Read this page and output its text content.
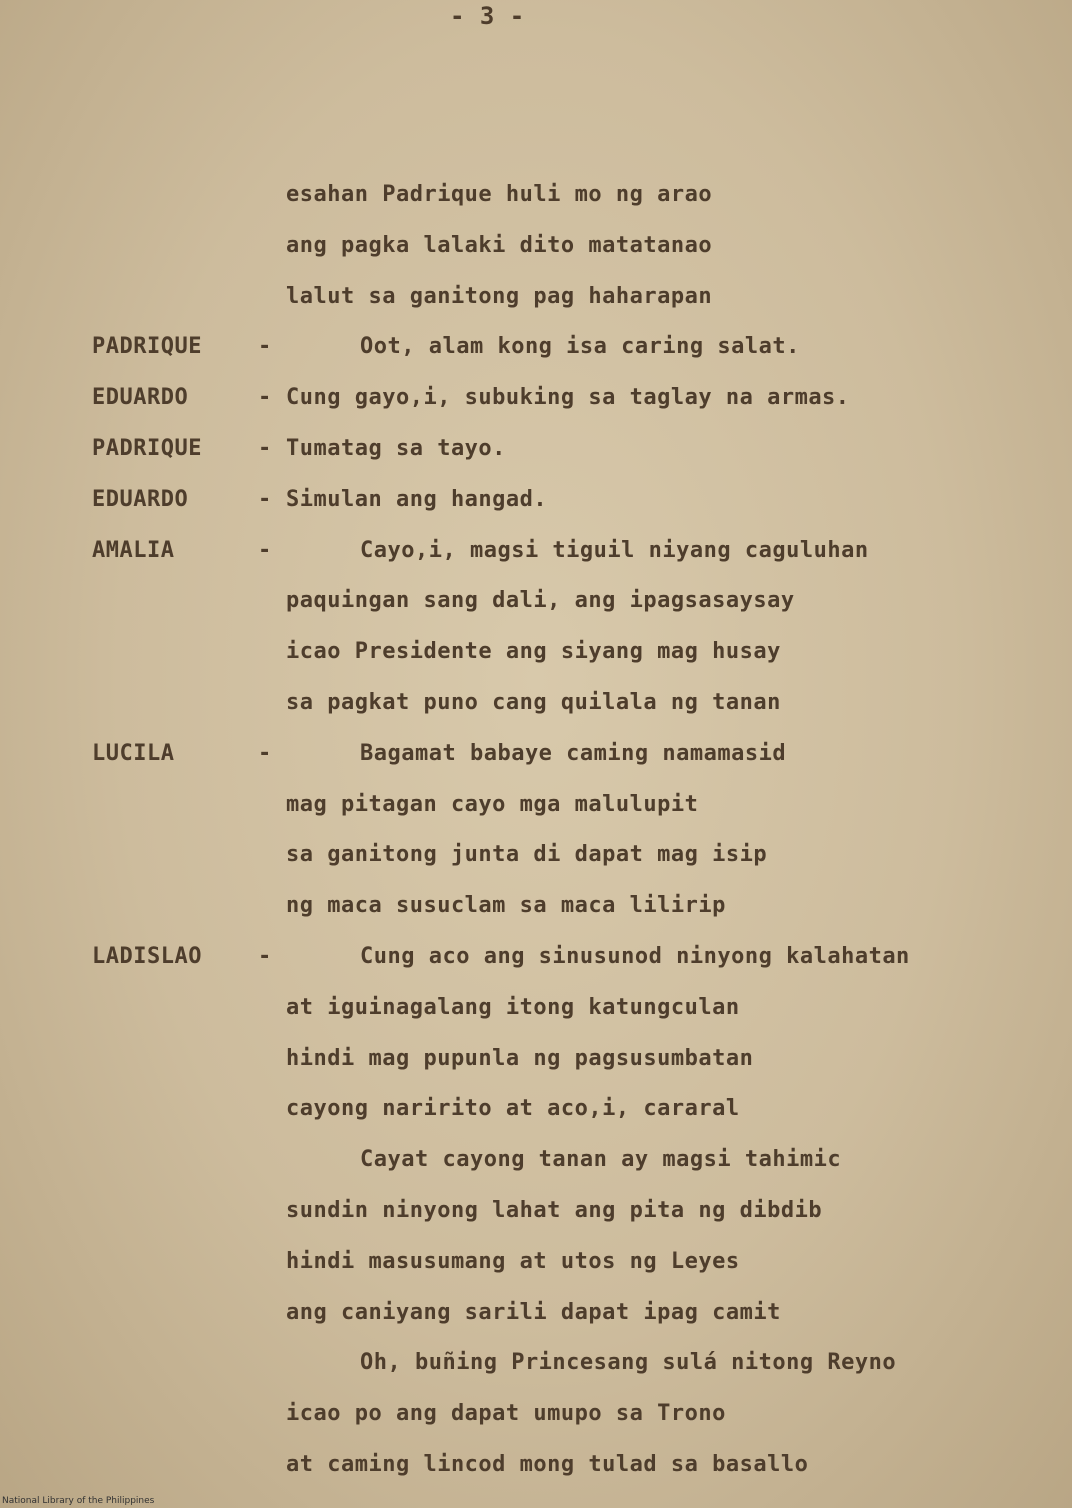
- 3 -
esahan Padrique huli mo ng arao
ang pagka lalaki dito matatanao
lalut sa ganitong pag haharapan
PADRIQUE	-	Oot, alam kong isa caring salat.
EDUARDO	- Cung gayo,i, subuking sa taglay na armas.
PADRIQUE	- Tumatag sa tayo.
EDUARDO	- Simulan ang hangad.
AMALIA	-	Cayo,i, magsi tiguil niyang caguluhan
paquingan sang dali, ang ipagsasaysay
icao Presidente ang siyang mag husay
sa pagkat puno cang quilala ng tanan
LUCILA	-	Bagamat babaye caming namamasid
mag pitagan cayo mga malulupit
sa ganitong junta di dapat mag isip
ng maca susuclam sa maca lilirip
LADISLAO	-	Cung aco ang sinusunod ninyong kalahatan
at iguinagalang itong katungculan
hindi mag pupunla ng pagsusumbatan
cayong naririto at aco,i, cararal
Cayat cayong tanan ay magsi tahimic
sundin ninyong lahat ang pita ng dibdib
hindi masusumang at utos ng Leyes
ang caniyang sarili dapat ipag camit
Oh, buñing Princesang sulá nitong Reyno
icao po ang dapat umupo sa Trono
at caming lincod mong tulad sa basallo
National Library of the Philippines
